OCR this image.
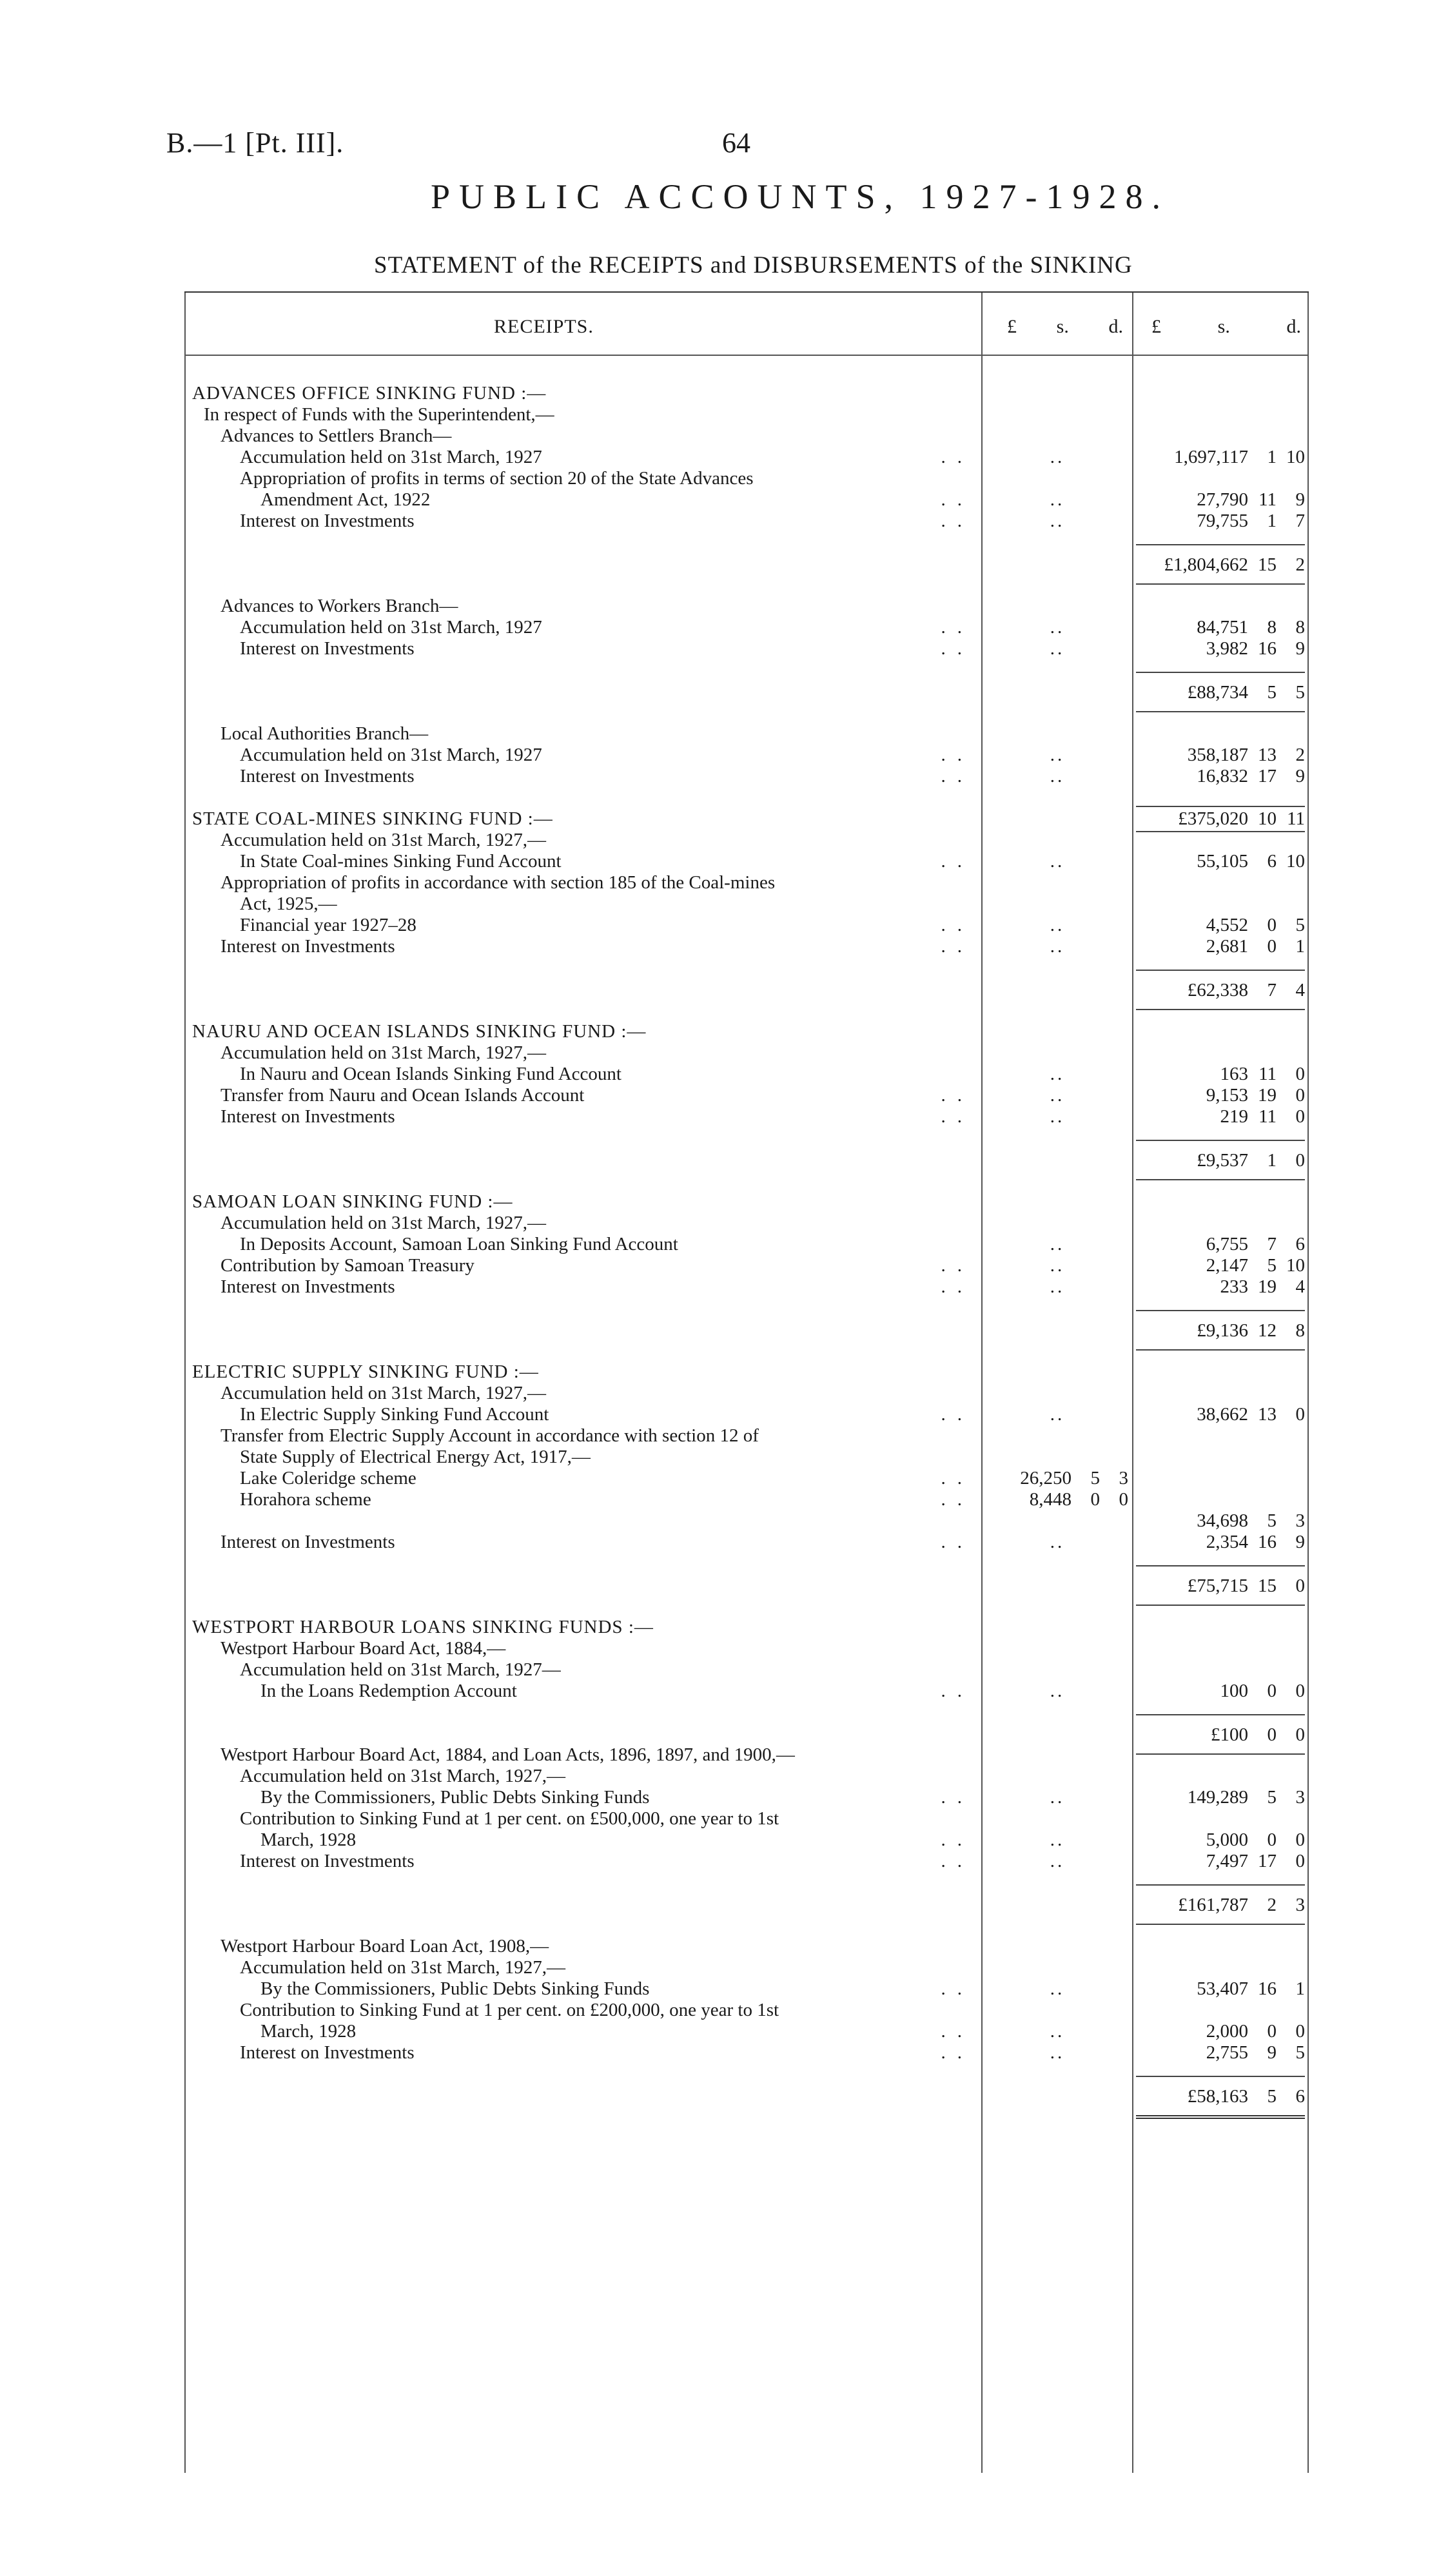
B.—1 [Pt. III].	64
PUBLIC ACCOUNTS, 1927-1928.
STATEMENT of the RECEIPTS and DISBURSEMENTS of the SINKING
RECEIPTS.	£ s. d. £	s.	d.
ADVANCES OFFICE SINKING FUND :—
In respect of Funds with the Superintendent,—
Advances to Settlers Branch—
Accumulation held on 31st March, 1927	..	..	1,697,117 1 10
Appropriation of profits in terms of section 20 of the State Advances
Amendment Act, 1922	..	..	27,790 11 9
Interest on Investments	..	..	79,755 1 7
£1,804,662 15 2
Advances to Workers Branch—
Accumulation held on 31st March, 1927	..	..	84,751 8 8
Interest on Investments	..	..	3,982 16 9
£88,734 5 5
Local Authorities Branch—
Accumulation held on 31st March, 1927	..	..	358,187 13 2
Interest on Investments	..	..	16,832 17 9
STATE COAL-MINES SINKING FUND :—	£375,020 10 11
Accumulation held on 31st March, 1927,—
In State Coal-mines Sinking Fund Account	..	..	55,105 6 10
Appropriation of profits in accordance with section 185 of the Coal-mines
Act, 1925,—
Financial year 1927–28	..	..	4,552 0 5
Interest on Investments	..	..	2,681 0 1
£62,338 7 4
NAURU AND OCEAN ISLANDS SINKING FUND :—
Accumulation held on 31st March, 1927,—
In Nauru and Ocean Islands Sinking Fund Account	..	163 11 0
Transfer from Nauru and Ocean Islands Account	..	..	9,153 19 0
Interest on Investments	..	..	219 11 0
£9,537 1 0
SAMOAN LOAN SINKING FUND :—
Accumulation held on 31st March, 1927,—
In Deposits Account, Samoan Loan Sinking Fund Account	..	6,755 7 6
Contribution by Samoan Treasury	..	..	2,147 5 10
Interest on Investments	..	..	233 19 4
£9,136 12 8
ELECTRIC SUPPLY SINKING FUND :—
Accumulation held on 31st March, 1927,—
In Electric Supply Sinking Fund Account	..	..	38,662 13 0
Transfer from Electric Supply Account in accordance with section 12 of
State Supply of Electrical Energy Act, 1917,—
Lake Coleridge scheme	..	26,250 5 3
Horahora scheme	..	8,448 0 0
34,698 5 3
Interest on Investments	..	..	2,354 16 9
£75,715 15 0
WESTPORT HARBOUR LOANS SINKING FUNDS :—
Westport Harbour Board Act, 1884,—
Accumulation held on 31st March, 1927—
In the Loans Redemption Account	..	..	100 0 0
£100 0 0
Westport Harbour Board Act, 1884, and Loan Acts, 1896, 1897, and 1900,—
Accumulation held on 31st March, 1927,—
By the Commissioners, Public Debts Sinking Funds	..	..	149,289 5 3
Contribution to Sinking Fund at 1 per cent. on £500,000, one year to 1st
March, 1928	..	..	5,000 0 0
Interest on Investments	..	..	7,497 17 0
£161,787 2 3
Westport Harbour Board Loan Act, 1908,—
Accumulation held on 31st March, 1927,—
By the Commissioners, Public Debts Sinking Funds	..	..	53,407 16 1
Contribution to Sinking Fund at 1 per cent. on £200,000, one year to 1st
March, 1928	..	..	2,000 0 0
Interest on Investments	..	..	2,755 9 5
£58,163 5 6
